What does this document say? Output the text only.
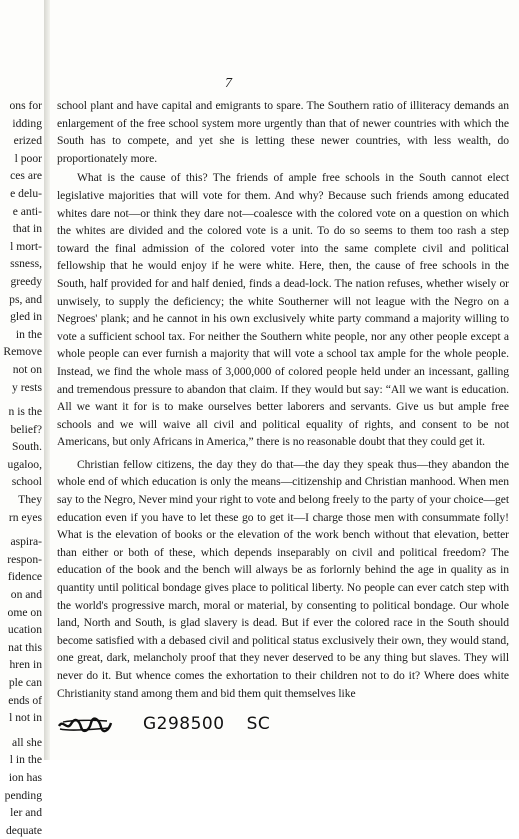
ons for
idding
erized
l poor
ces are
e delu-
e anti-
that in
l mort-
ssness,
greedy
ps, and
gled in
in the
Remove
not on
y rests
n is the
belief?
South.
ugaloo,
school
They
rn eyes
aspira-
respon-
fidence
on and
ome on
ucation
nat this
hren in
ple can
ends of
l not in
all she
l in the
ion has
pending
ler and
dequate
7

school plant and have capital and emigrants to spare. The Southern ratio of illiteracy demands an enlargement of the free school system more urgently than that of newer countries with which the South has to compete, and yet she is letting these newer countries, with less wealth, do proportionately more.

What is the cause of this? The friends of ample free schools in the South cannot elect legislative majorities that will vote for them. And why? Because such friends among educated whites dare not—or think they dare not—coalesce with the colored vote on a question on which the whites are divided and the colored vote is a unit. To do so seems to them too rash a step toward the final admission of the colored voter into the same complete civil and political fellowship that he would enjoy if he were white. Here, then, the cause of free schools in the South, half provided for and half denied, finds a dead-lock. The nation refuses, whether wisely or unwisely, to supply the deficiency; the white Southerner will not league with the Negro on a Negroes' plank; and he cannot in his own exclusively white party command a majority willing to vote a sufficient school tax. For neither the Southern white people, nor any other people except a whole people can ever furnish a majority that will vote a school tax ample for the whole people. Instead, we find the whole mass of 3,000,000 of colored people held under an incessant, galling and tremendous pressure to abandon that claim. If they would but say: “All we want is education. All we want it for is to make ourselves better laborers and servants. Give us but ample free schools and we will waive all civil and political equality of rights, and consent to be not Americans, but only Africans in America,” there is no reasonable doubt that they could get it.

Christian fellow citizens, the day they do that—the day they speak thus—they abandon the whole end of which education is only the means—citizenship and Christian manhood. When men say to the Negro, Never mind your right to vote and belong freely to the party of your choice—get education even if you have to let these go to get it—I charge those men with consummate folly! What is the elevation of books or the elevation of the work bench without that elevation, better than either or both of these, which depends inseparably on civil and political freedom? The education of the book and the bench will always be as forlornly behind the age in quality as in quantity until political bondage gives place to political liberty. No people can ever catch step with the world's progressive march, moral or material, by consenting to political bondage. Our whole land, North and South, is glad slavery is dead. But if ever the colored race in the South should become satisfied with a debased civil and political status exclusively their own, they would stand, one great, dark, melancholy proof that they never deserved to be any thing but slaves. They will never do it. But whence comes the exhortation to their children not to do it? Where does white Christianity stand among them and bid them quit themselves like

G298500 SC
